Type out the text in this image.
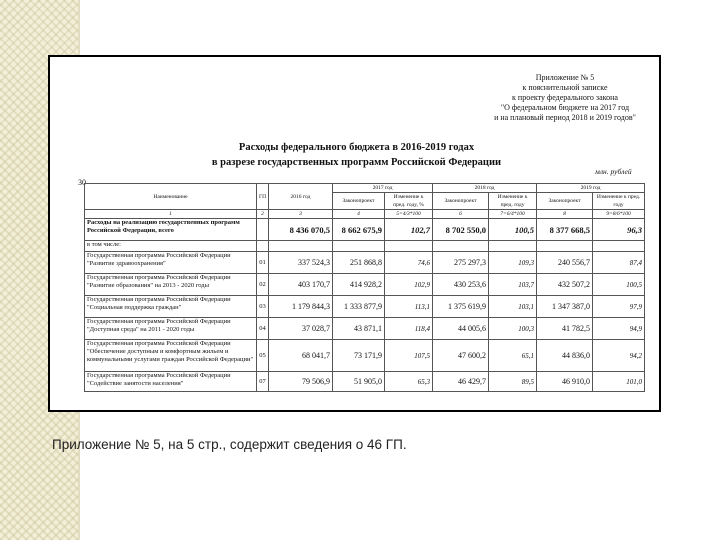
Приложение № 5
к пояснительной записке
к проекту федерального закона
"О федеральном бюджете на 2017 год
и на плановый период 2018 и 2019 годов"
Расходы федерального бюджета в 2016-2019 годах
в разрезе государственных программ Российской Федерации
млн. рублей
30
Наименование	ГП	2016 год	2017 год		2018 год		2019 год	
			Законопроект	Изменение к пред. году, %	Законопроект	Изменение к пред. году	Законопроект	Изменение к пред. году
1	2	3	4	5=4/3*100	6	7=6/4*100	8	9=8/6*100
Расходы на реализацию государственных программ Российской Федерации, всего		8 436 070,5	8 662 675,9	102,7	8 702 550,0	100,5	8 377 668,5	96,3
в том числе:								
Государственная программа Российской Федерации "Развитие здравоохранения"	01	337 524,3	251 868,8	74,6	275 297,3	109,3	240 556,7	87,4
Государственная программа Российской Федерации "Развитие образования" на 2013 - 2020 годы	02	403 170,7	414 928,2	102,9	430 253,6	103,7	432 507,2	100,5
Государственная программа Российской Федерации "Социальная поддержка граждан"	03	1 179 844,3	1 333 877,9	113,1	1 375 619,9	103,1	1 347 387,0	97,9
Государственная программа Российской Федерации "Доступная среда" на 2011 - 2020 годы	04	37 028,7	43 871,1	118,4	44 005,6	100,3	41 782,5	94,9
Государственная программа Российской Федерации "Обеспечение доступным и комфортным жильем и коммунальными услугами граждан Российской Федерации"	05	68 041,7	73 171,9	107,5	47 600,2	65,1	44 836,0	94,2
Государственная программа Российской Федерации "Содействие занятости населения"	07	79 506,9	51 905,0	65,3	46 429,7	89,5	46 910,0	101,0
Приложение № 5, на 5 стр., содержит сведения о 46 ГП.
